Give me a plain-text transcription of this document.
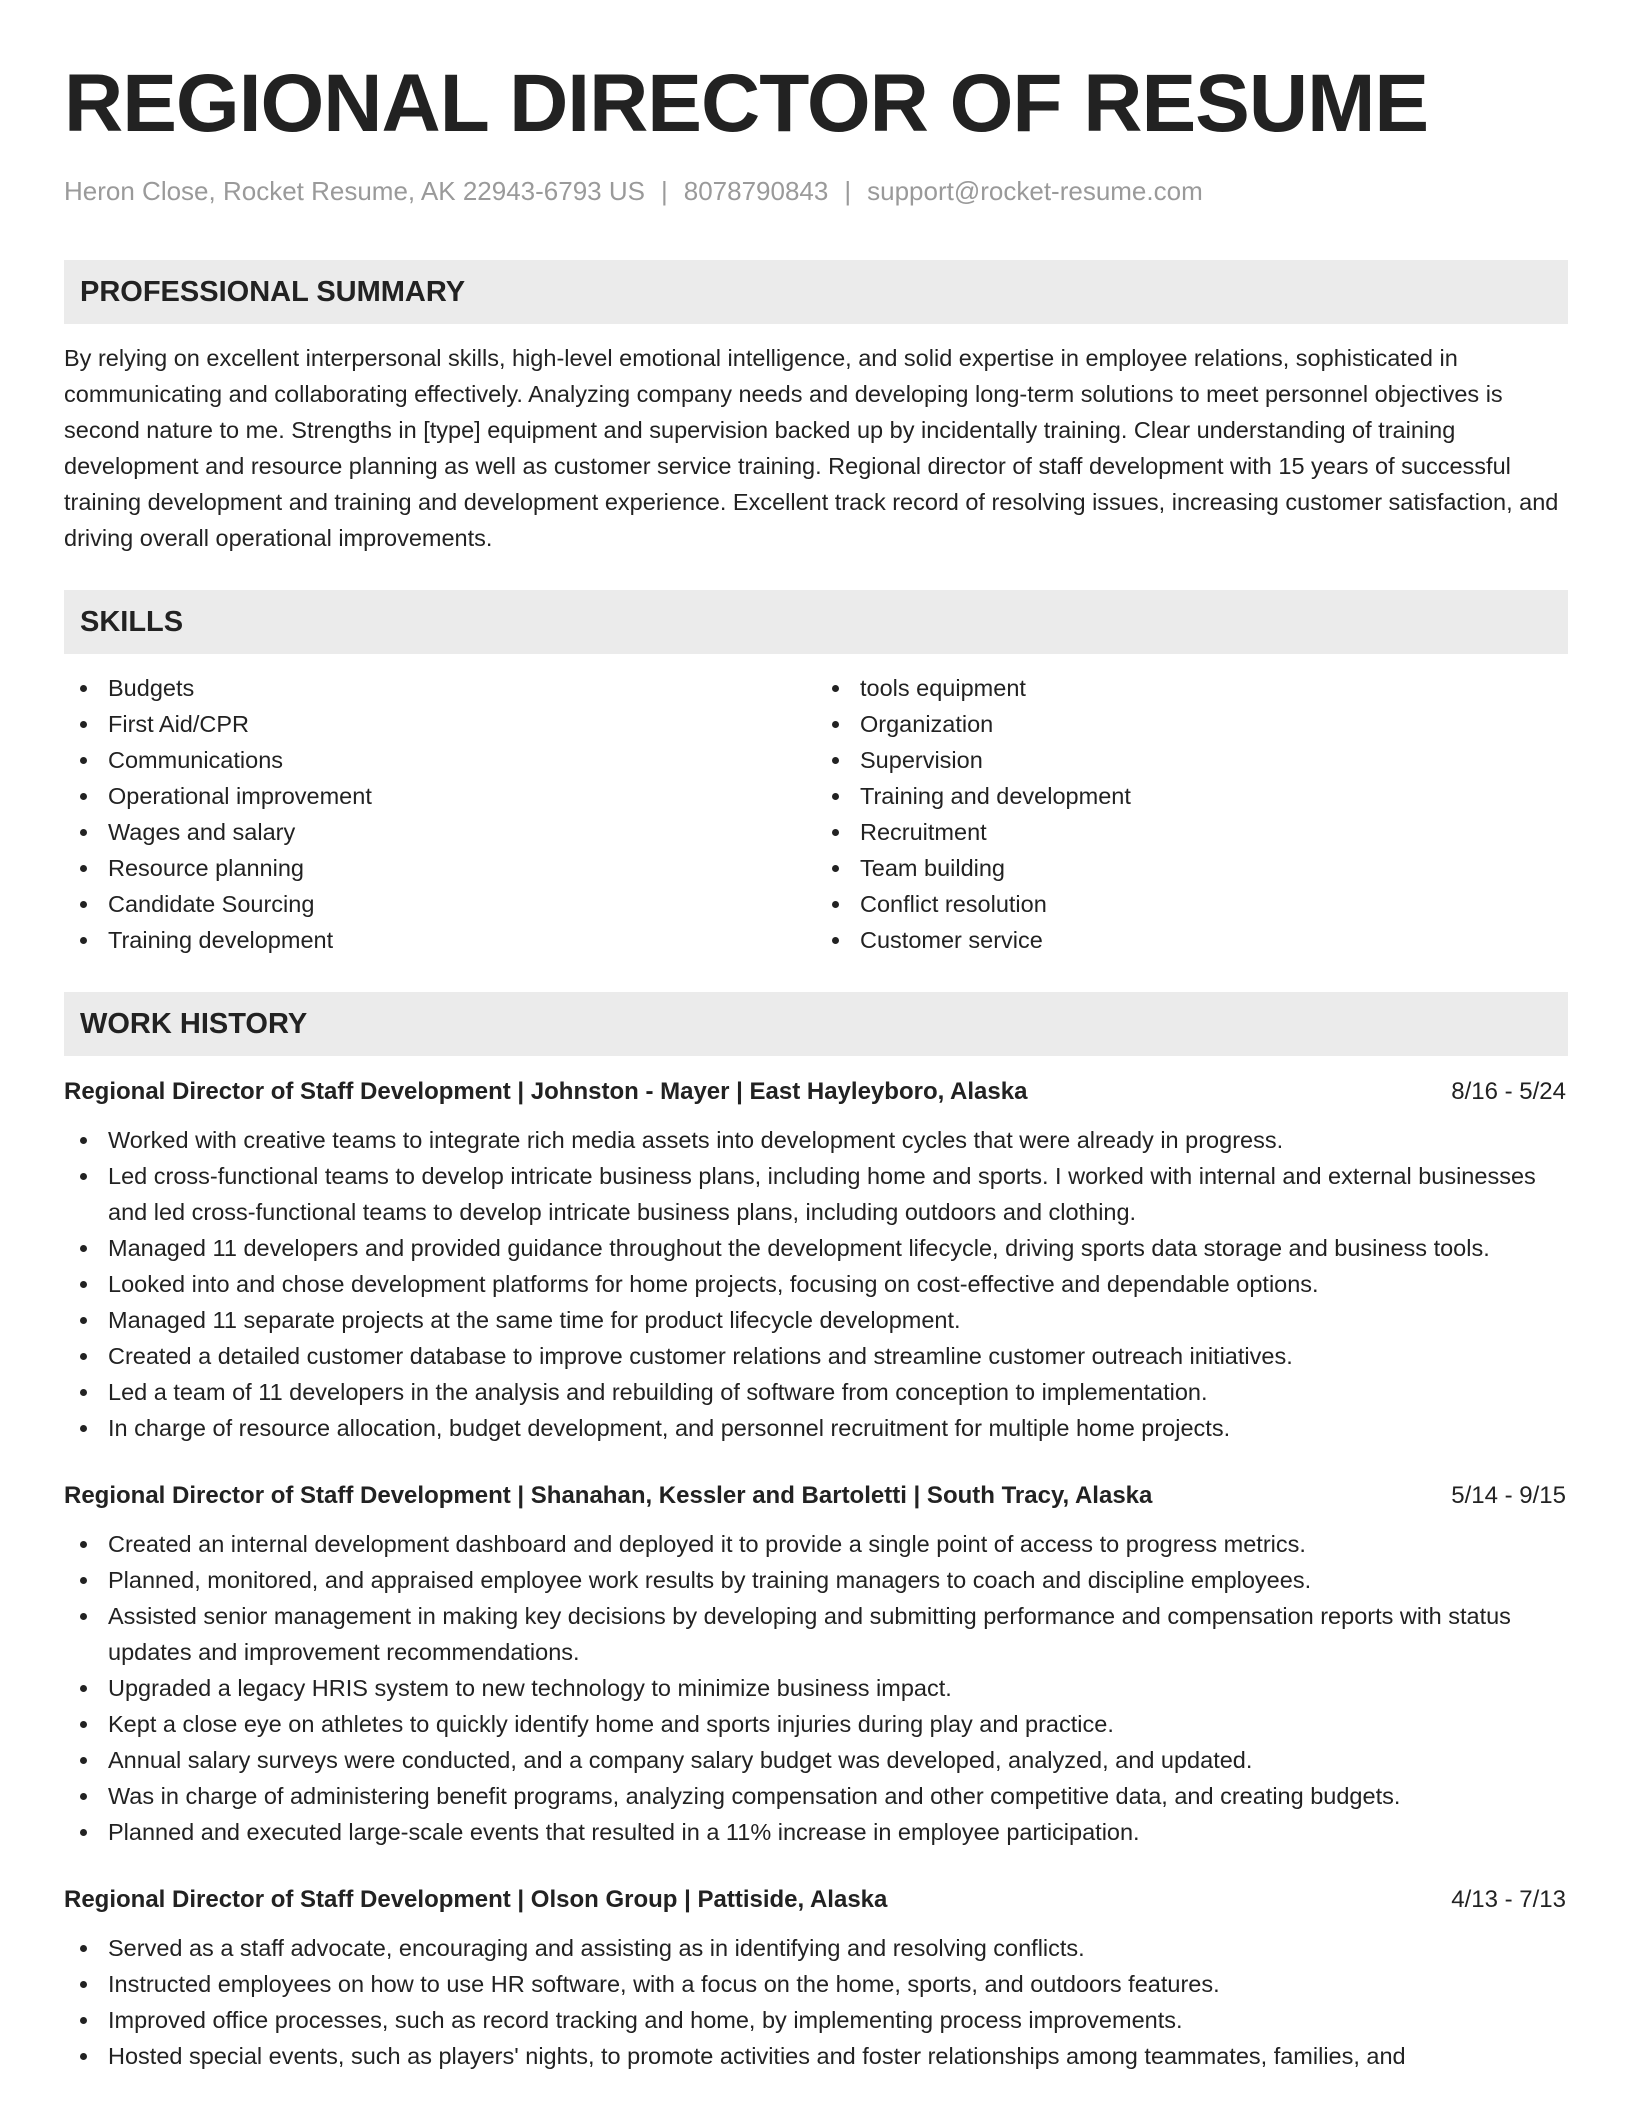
REGIONAL DIRECTOR OF RESUME
Heron Close, Rocket Resume, AK 22943-6793 US | 8078790843 | support@rocket-resume.com
PROFESSIONAL SUMMARY
By relying on excellent interpersonal skills, high-level emotional intelligence, and solid expertise in employee relations, sophisticated in communicating and collaborating effectively. Analyzing company needs and developing long-term solutions to meet personnel objectives is second nature to me. Strengths in [type] equipment and supervision backed up by incidentally training. Clear understanding of training development and resource planning as well as customer service training. Regional director of staff development with 15 years of successful training development and training and development experience. Excellent track record of resolving issues, increasing customer satisfaction, and driving overall operational improvements.
SKILLS
Budgets
First Aid/CPR
Communications
Operational improvement
Wages and salary
Resource planning
Candidate Sourcing
Training development
tools equipment
Organization
Supervision
Training and development
Recruitment
Team building
Conflict resolution
Customer service
WORK HISTORY
Regional Director of Staff Development | Johnston - Mayer | East Hayleyboro, Alaska	8/16 - 5/24
Worked with creative teams to integrate rich media assets into development cycles that were already in progress.
Led cross-functional teams to develop intricate business plans, including home and sports. I worked with internal and external businesses and led cross-functional teams to develop intricate business plans, including outdoors and clothing.
Managed 11 developers and provided guidance throughout the development lifecycle, driving sports data storage and business tools.
Looked into and chose development platforms for home projects, focusing on cost-effective and dependable options.
Managed 11 separate projects at the same time for product lifecycle development.
Created a detailed customer database to improve customer relations and streamline customer outreach initiatives.
Led a team of 11 developers in the analysis and rebuilding of software from conception to implementation.
In charge of resource allocation, budget development, and personnel recruitment for multiple home projects.
Regional Director of Staff Development | Shanahan, Kessler and Bartoletti | South Tracy, Alaska	5/14 - 9/15
Created an internal development dashboard and deployed it to provide a single point of access to progress metrics.
Planned, monitored, and appraised employee work results by training managers to coach and discipline employees.
Assisted senior management in making key decisions by developing and submitting performance and compensation reports with status updates and improvement recommendations.
Upgraded a legacy HRIS system to new technology to minimize business impact.
Kept a close eye on athletes to quickly identify home and sports injuries during play and practice.
Annual salary surveys were conducted, and a company salary budget was developed, analyzed, and updated.
Was in charge of administering benefit programs, analyzing compensation and other competitive data, and creating budgets.
Planned and executed large-scale events that resulted in a 11% increase in employee participation.
Regional Director of Staff Development | Olson Group | Pattiside, Alaska	4/13 - 7/13
Served as a staff advocate, encouraging and assisting as in identifying and resolving conflicts.
Instructed employees on how to use HR software, with a focus on the home, sports, and outdoors features.
Improved office processes, such as record tracking and home, by implementing process improvements.
Hosted special events, such as players' nights, to promote activities and foster relationships among teammates, families, and
